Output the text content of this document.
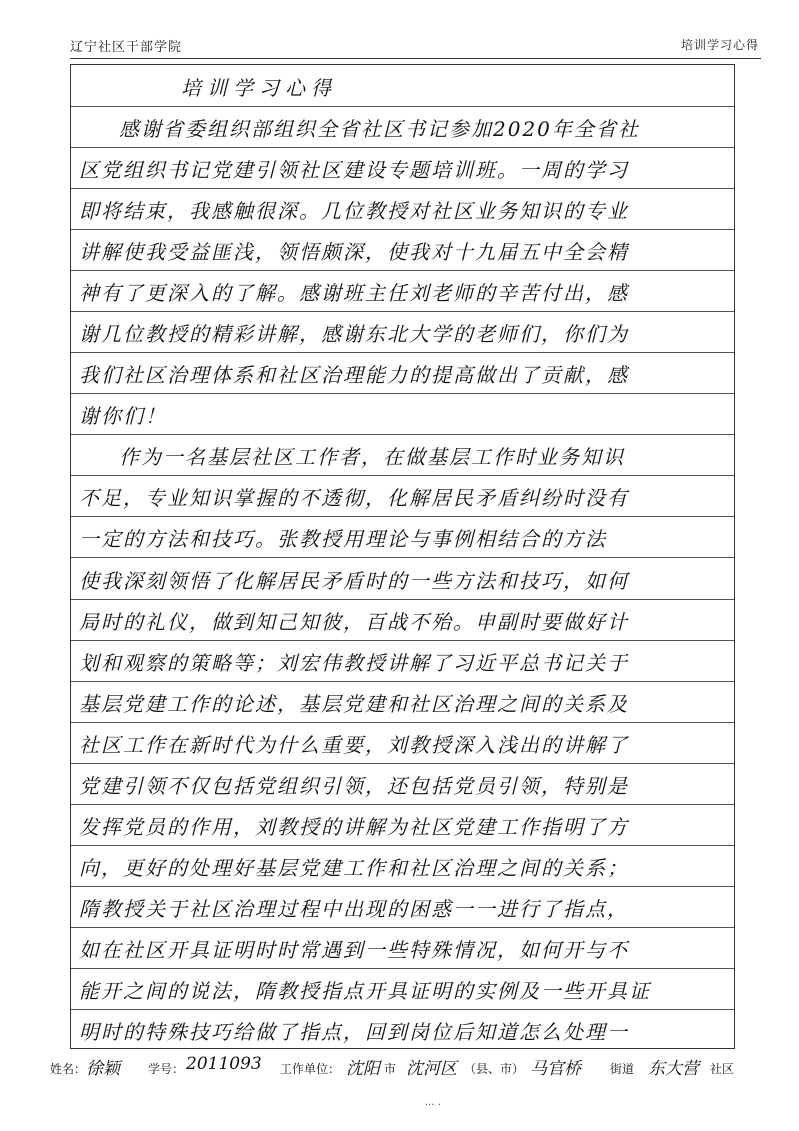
辽宁社区干部学院	培训学习心得
培训学习心得
感谢省委组织部组织全省社区书记参加2020年全省社
区党组织书记党建引领社区建设专题培训班。一周的学习
即将结束，我感触很深。几位教授对社区业务知识的专业
讲解使我受益匪浅，领悟颇深，使我对十九届五中全会精
神有了更深入的了解。感谢班主任刘老师的辛苦付出，感
谢几位教授的精彩讲解，感谢东北大学的老师们，你们为
我们社区治理体系和社区治理能力的提高做出了贡献，感
谢你们！
作为一名基层社区工作者，在做基层工作时业务知识
不足，专业知识掌握的不透彻，化解居民矛盾纠纷时没有
一定的方法和技巧。张教授用理论与事例相结合的方法
使我深刻领悟了化解居民矛盾时的一些方法和技巧，如何
局时的礼仪，做到知己知彼，百战不殆。申副时要做好计
划和观察的策略等；刘宏伟教授讲解了习近平总书记关于
基层党建工作的论述，基层党建和社区治理之间的关系及
社区工作在新时代为什么重要，刘教授深入浅出的讲解了
党建引领不仅包括党组织引领，还包括党员引领，特别是
发挥党员的作用，刘教授的讲解为社区党建工作指明了方
向，更好的处理好基层党建工作和社区治理之间的关系；
隋教授关于社区治理过程中出现的困惑一一进行了指点，
如在社区开具证明时时常遇到一些特殊情况，如何开与不
能开之间的说法，隋教授指点开具证明的实例及一些开具证
明时的特殊技巧给做了指点，回到岗位后知道怎么处理一
姓名： 徐颖 学号： 2011093 工作单位： 沈阳 市 沈河区 （县、市） 马官桥 街道 东大营 社区
··· ·
